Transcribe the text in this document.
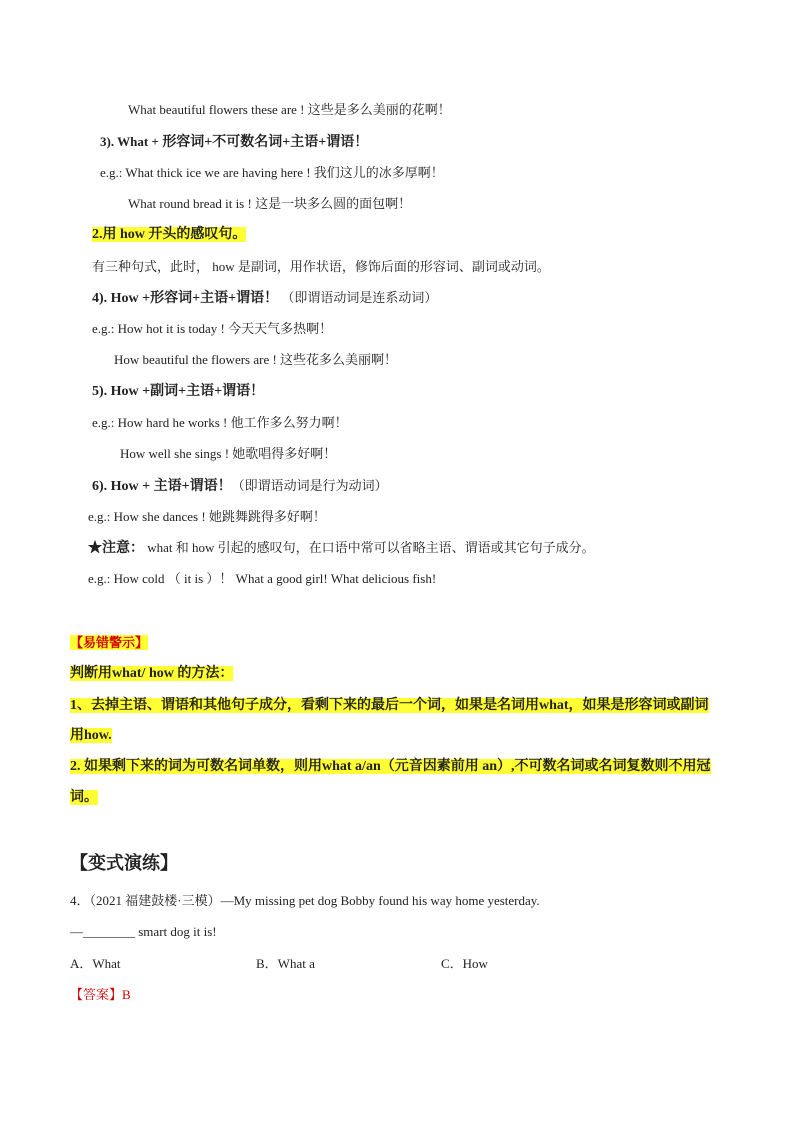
What beautiful flowers these are ! 这些是多么美丽的花啊！
3). What + 形容词+不可数名词+主语+谓语！
e.g.: What thick ice we are having here ! 我们这儿的冰多厚啊！
What round bread it is ! 这是一块多么圆的面包啊！
2.用 how 开头的感叹句。
有三种句式，此时， how 是副词，用作状语，修饰后面的形容词、副词或动词。
4). How +形容词+主语+谓语！ （即谓语动词是连系动词）
e.g.: How hot it is today ! 今天天气多热啊！
How beautiful the flowers are ! 这些花多么美丽啊！
5). How +副词+主语+谓语！
e.g.: How hard he works ! 他工作多么努力啊！
How well she sings ! 她歌唱得多好啊！
6). How + 主语+谓语！（即谓语动词是行为动词）
e.g.: How she dances ! 她跳舞跳得多好啊！
★注意： what 和 how 引起的感叹句，在口语中常可以省略主语、谓语或其它句子成分。
e.g.: How cold （ it is ）！ What a good girl! What delicious fish!
【易错警示】
判断用what/ how 的方法：
1、去掉主语、谓语和其他句子成分，看剩下来的最后一个词，如果是名词用what，如果是形容词或副词
用how.
2. 如果剩下来的词为可数名词单数，则用what a/an（元音因素前用 an）,不可数名词或名词复数则不用冠
词。
【变式演练】
4．（2021 福建鼓楼·三模）—My missing pet dog Bobby found his way home yesterday.
—________ smart dog it is!
A．What	B．What a	C．How
【答案】B
